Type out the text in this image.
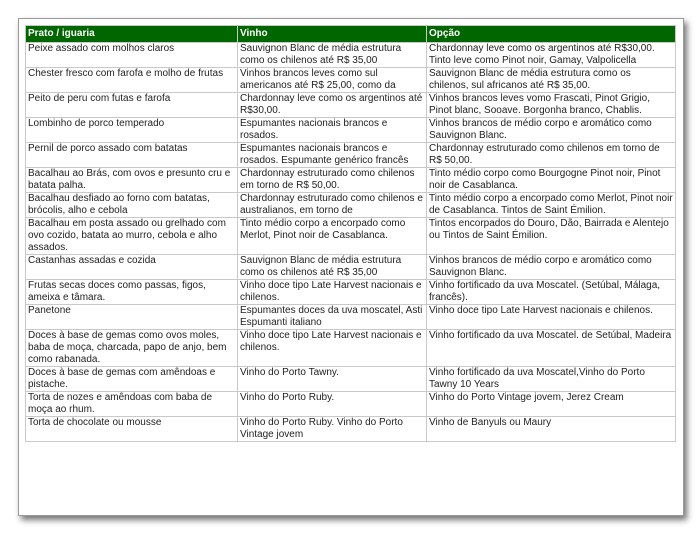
Prato / iguaria	Vinho	Opção

Peixe assado com molhos claros	Sauvignon Blanc de média estrutura como os chilenos até R$ 35,00	Chardonnay leve como os argentinos até R$30,00. Tinto leve como Pinot noir, Gamay, Valpolicella

Chester fresco com farofa e molho de frutas	Vinhos brancos leves como sul americanos até R$ 25,00, como da	Sauvignon Blanc de média estrutura como os chilenos, sul africanos até R$ 35,00.

Peito de peru com futas e farofa	Chardonnay leve como os argentinos até R$30,00.	Vinhos brancos leves vomo Frascati, Pinot Grigio, Pinot blanc, Sooave. Borgonha branco, Chablis.

Lombinho de porco temperado	Espumantes nacionais brancos e rosados.	Vinhos brancos de médio corpo e aromático como Sauvignon Blanc.

Pernil de porco assado com batatas	Espumantes nacionais brancos e rosados. Espumante genérico francês	Chardonnay estruturado como chilenos em torno de R$ 50,00.

Bacalhau ao Brás, com ovos e presunto cru e batata palha.	Chardonnay estruturado como chilenos em torno de R$ 50,00.	Tinto médio corpo como Bourgogne Pinot noir, Pinot noir de Casablanca.

Bacalhau desfiado ao forno com batatas, brócolis, alho e cebola	Chardonnay estruturado como chilenos e australianos, em torno de	Tinto médio corpo a encorpado como Merlot, Pinot noir de Casablanca. Tintos de Saint Émilion.

Bacalhau em posta assado ou grelhado com ovo cozido, batata ao murro, cebola e alho assados.	Tinto médio corpo a encorpado como Merlot, Pinot noir de Casablanca.	Tintos encorpados do Douro, Dão, Bairrada e Alentejo ou Tintos de Saint Émilion.

Castanhas assadas e cozida	Sauvignon Blanc de média estrutura como os chilenos até R$ 35,00	Vinhos brancos de médio corpo e aromático como Sauvignon Blanc.

Frutas secas doces como passas, figos, ameixa e tâmara.	Vinho doce tipo Late Harvest nacionais e chilenos.	Vinho fortificado da uva Moscatel. (Setúbal, Málaga, francês).

Panetone	Espumantes doces da uva moscatel, Asti Espumanti italiano	Vinho doce tipo Late Harvest nacionais e chilenos.

Doces à base de gemas como ovos moles, baba de moça, charcada, papo de anjo, bem como rabanada.	Vinho doce tipo Late Harvest nacionais e chilenos.	Vinho fortificado da uva Moscatel. de Setúbal, Madeira

Doces à base de gemas com amêndoas e pistache.	Vinho do Porto Tawny.	Vinho fortificado da uva Moscatel,Vinho do Porto Tawny 10 Years

Torta de nozes e amêndoas com baba de moça ao rhum.	Vinho do Porto Ruby.	Vinho do Porto Vintage jovem, Jerez Cream

Torta de chocolate ou mousse	Vinho do Porto Ruby. Vinho do Porto Vintage jovem	Vinho de Banyuls ou Maury
